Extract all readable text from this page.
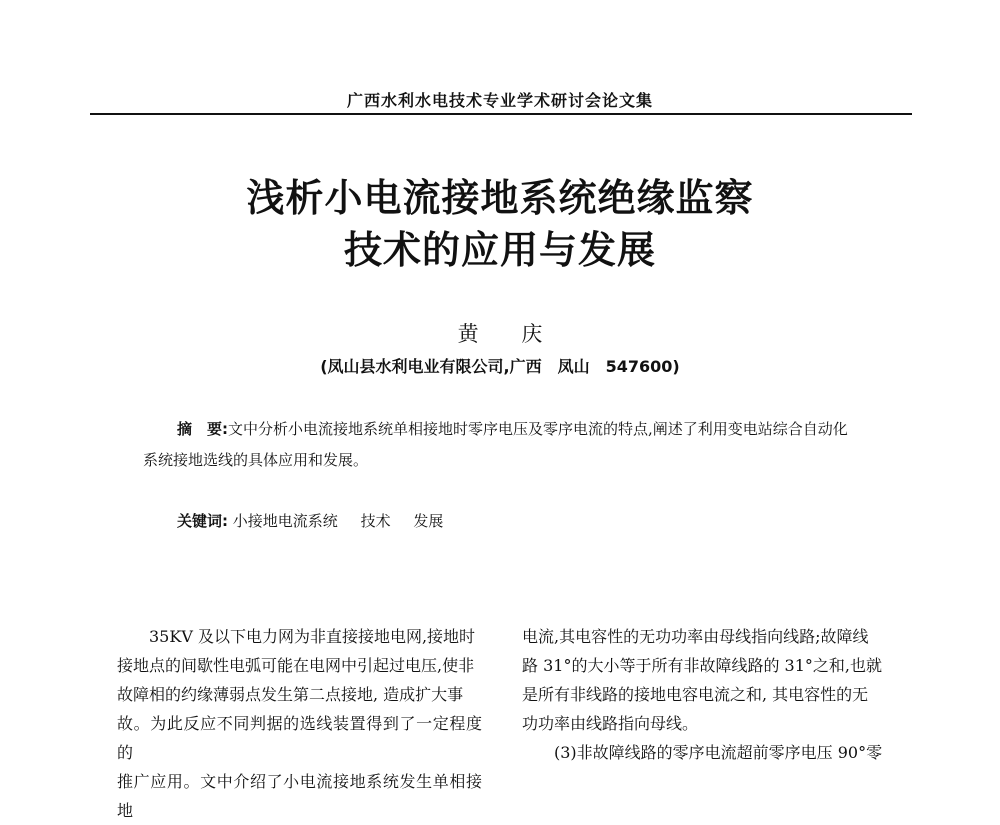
广西水利水电技术专业学术研讨会论文集
浅析小电流接地系统绝缘监察
技术的应用与发展
黄 庆
(凤山县水利电业有限公司,广西　凤山　547600)
摘　要:文中分析小电流接地系统单相接地时零序电压及零序电流的特点,阐述了利用变电站综合自动化系统接地选线的具体应用和发展。
关键词: 小接地电流系统 技术 发展

35KV 及以下电力网为非直接接地电网,接地时

接地点的间歇性电弧可能在电网中引起过电压,使非

故障相的约缘薄弱点发生第二点接地, 造成扩大事

故。为此反应不同判据的选线装置得到了一定程度的

推广应用。文中介绍了小电流接地系统发生单相接地

电流,其电容性的无功功率由母线指向线路;故障线

路 31°的大小等于所有非故障线路的 31°之和,也就

是所有非线路的接地电容电流之和, 其电容性的无

功功率由线路指向母线。

(3)非故障线路的零序电流超前零序电压 90°零
